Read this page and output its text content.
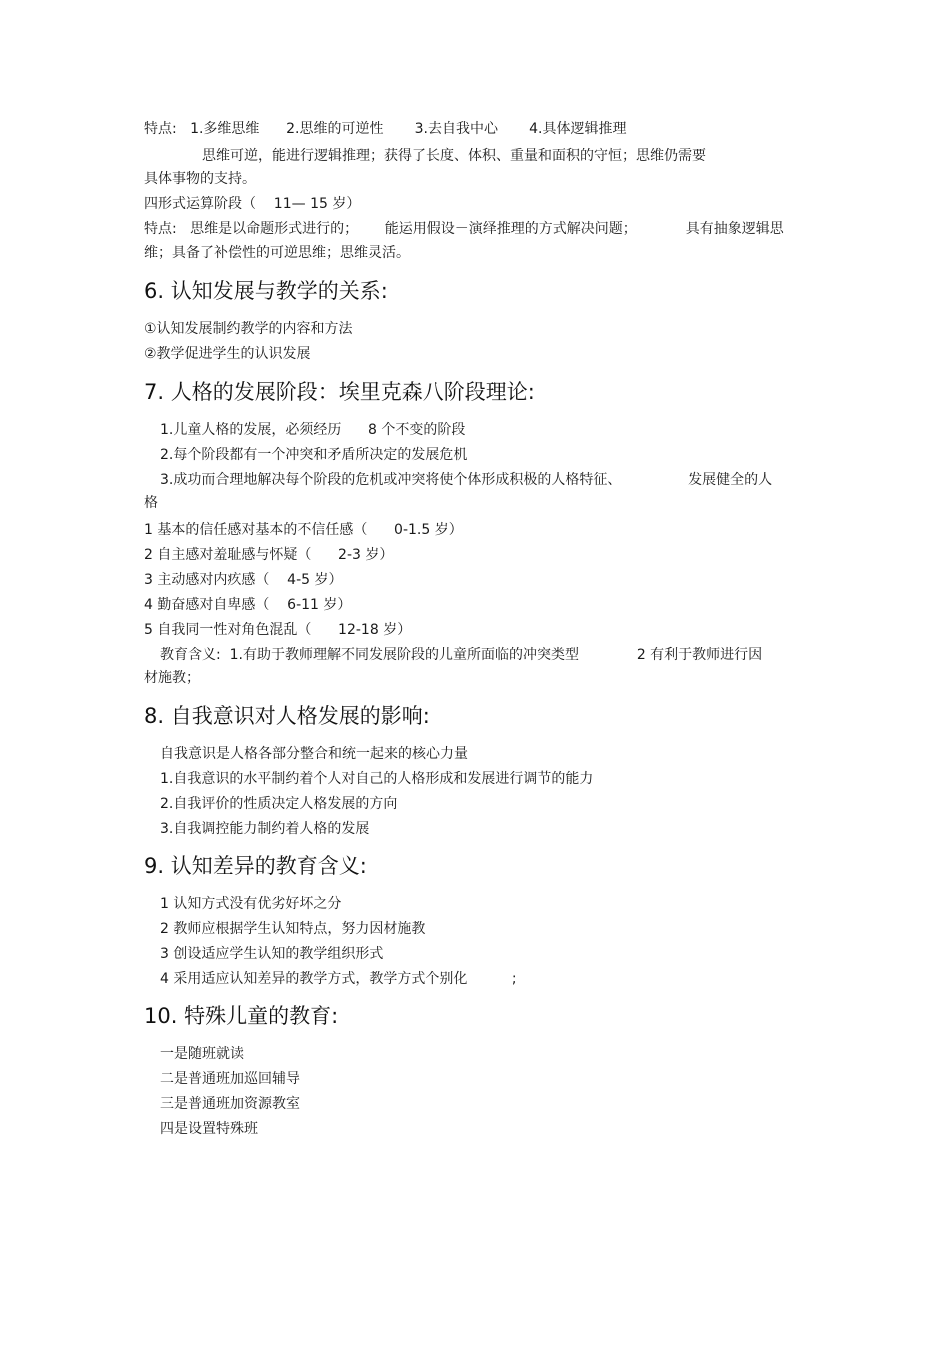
特点:   1.多维思维      2.思维的可逆性       3.去自我中心       4.具体逻辑推理
思维可逆，能进行逻辑推理；获得了长度、体积、重量和面积的守恒；思维仍需要
具体事物的支持。
四形式运算阶段（    11— 15 岁）
特点:   思维是以命题形式进行的；      能运用假设－演绎推理的方式解决问题；           具有抽象逻辑思
维；具备了补偿性的可逆思维；思维灵活。
6. 认知发展与教学的关系:
①认知发展制约教学的内容和方法
②教学促进学生的认识发展
7. 人格的发展阶段：埃里克森八阶段理论:
1.儿童人格的发展，必须经历      8 个不变的阶段
2.每个阶段都有一个冲突和矛盾所决定的发展危机
3.成功而合理地解决每个阶段的危机或冲突将使个体形成积极的人格特征、               发展健全的人
格
1 基本的信任感对基本的不信任感（      0-1.5 岁）
2 自主感对羞耻感与怀疑（      2-3 岁）
3 主动感对内疚感（    4-5 岁）
4 勤奋感对自卑感（    6-11 岁）
5 自我同一性对角色混乱（      12-18 岁）
教育含义:  1.有助于教师理解不同发展阶段的儿童所面临的冲突类型             2 有利于教师进行因
材施教；
8. 自我意识对人格发展的影响:
自我意识是人格各部分整合和统一起来的核心力量
1.自我意识的水平制约着个人对自己的人格形成和发展进行调节的能力
2.自我评价的性质决定人格发展的方向
3.自我调控能力制约着人格的发展
9. 认知差异的教育含义:
1 认知方式没有优劣好坏之分
2 教师应根据学生认知特点，努力因材施教
3 创设适应学生认知的教学组织形式
4 采用适应认知差异的教学方式，教学方式个别化          ;
10. 特殊儿童的教育:
一是随班就读
二是普通班加巡回辅导
三是普通班加资源教室
四是设置特殊班
